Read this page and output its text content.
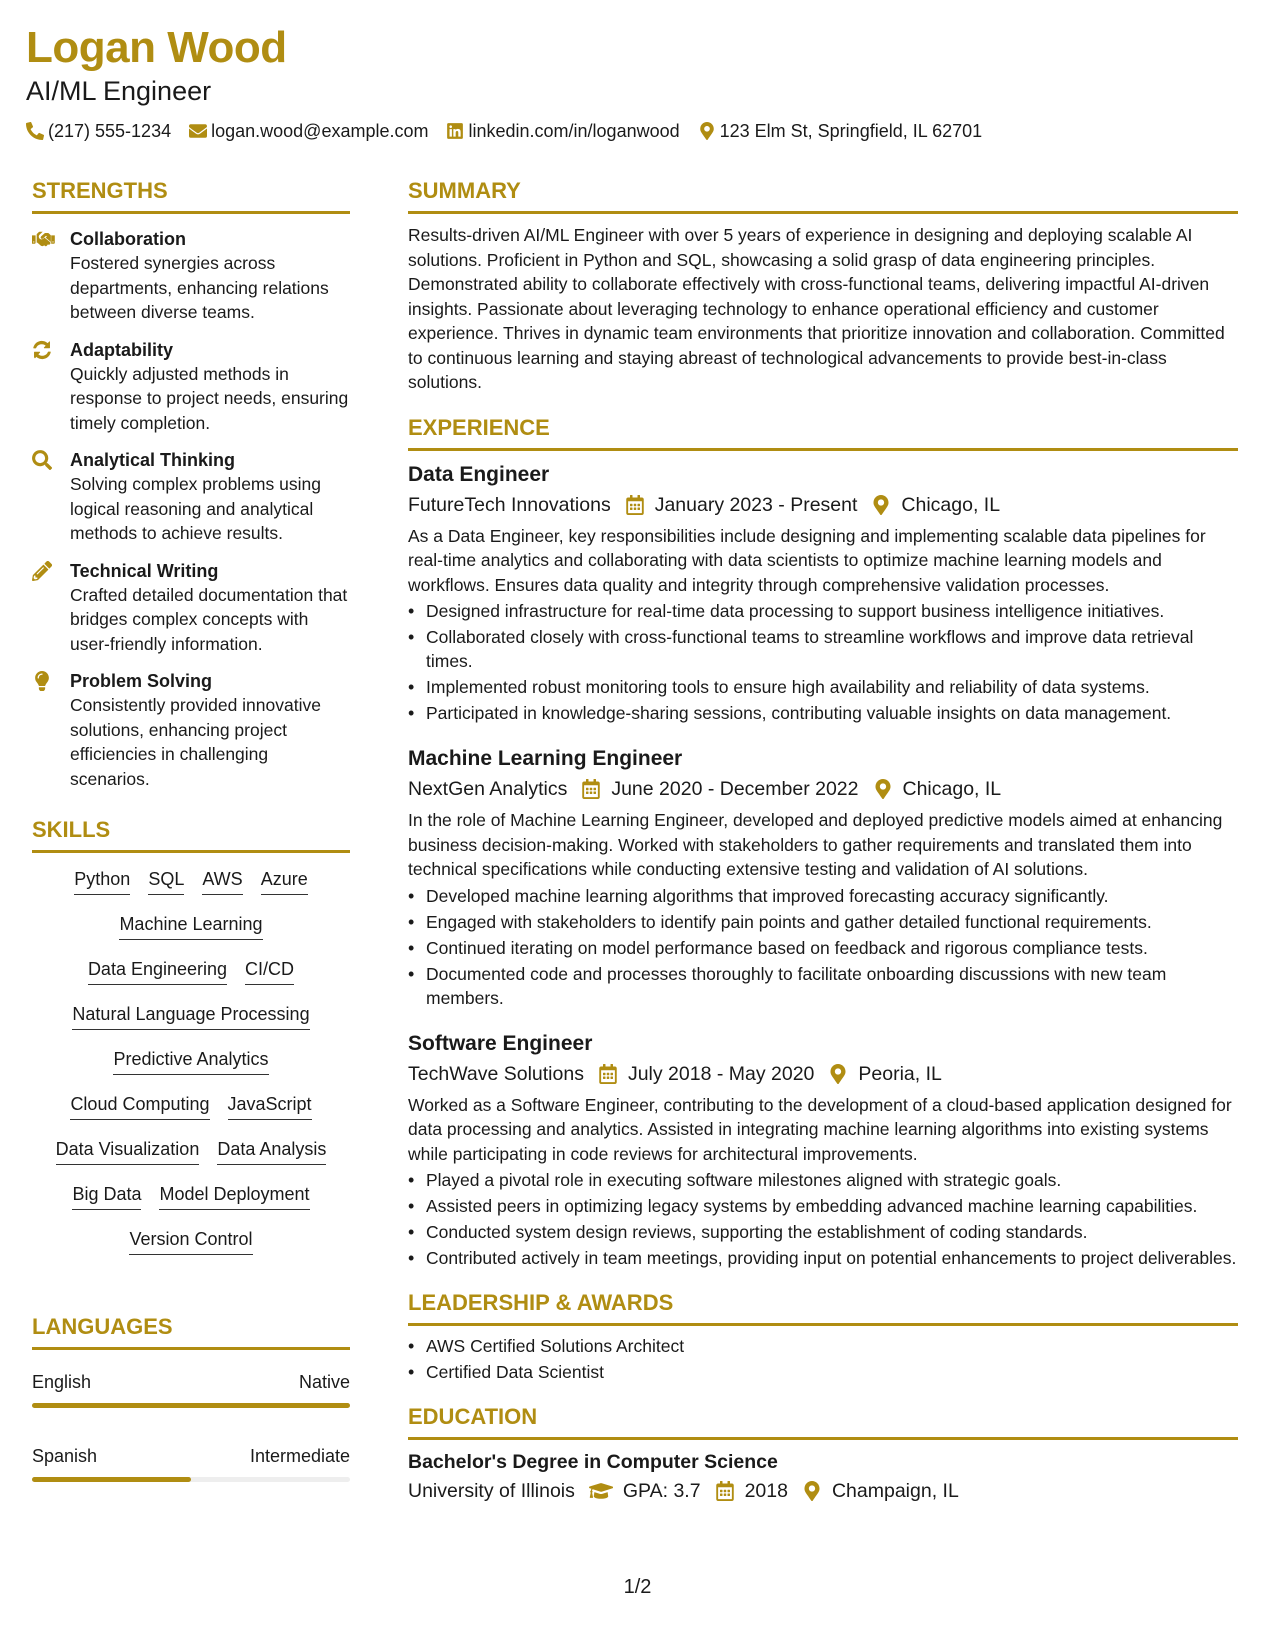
Logan Wood
AI/ML Engineer
(217) 555-1234 logan.wood@example.com linkedin.com/in/loganwood 123 Elm St, Springfield, IL 62701
STRENGTHS
Collaboration
Fostered synergies across departments, enhancing relations between diverse teams.
Adaptability
Quickly adjusted methods in response to project needs, ensuring timely completion.
Analytical Thinking
Solving complex problems using logical reasoning and analytical methods to achieve results.
Technical Writing
Crafted detailed documentation that bridges complex concepts with user-friendly information.
Problem Solving
Consistently provided innovative solutions, enhancing project efficiencies in challenging scenarios.
SKILLS
Python SQL AWS Azure
Machine Learning
Data Engineering CI/CD
Natural Language Processing
Predictive Analytics
Cloud Computing JavaScript
Data Visualization Data Analysis
Big Data Model Deployment
Version Control
LANGUAGES
English	Native
Spanish	Intermediate
SUMMARY
Results-driven AI/ML Engineer with over 5 years of experience in designing and deploying scalable AI solutions. Proficient in Python and SQL, showcasing a solid grasp of data engineering principles. Demonstrated ability to collaborate effectively with cross-functional teams, delivering impactful AI-driven insights. Passionate about leveraging technology to enhance operational efficiency and customer experience. Thrives in dynamic team environments that prioritize innovation and collaboration. Committed to continuous learning and staying abreast of technological advancements to provide best-in-class solutions.
EXPERIENCE
Data Engineer
FutureTech Innovations January 2023 - Present Chicago, IL
As a Data Engineer, key responsibilities include designing and implementing scalable data pipelines for real-time analytics and collaborating with data scientists to optimize machine learning models and workflows. Ensures data quality and integrity through comprehensive validation processes.
• Designed infrastructure for real-time data processing to support business intelligence initiatives.
• Collaborated closely with cross-functional teams to streamline workflows and improve data retrieval times.
• Implemented robust monitoring tools to ensure high availability and reliability of data systems.
• Participated in knowledge-sharing sessions, contributing valuable insights on data management.
Machine Learning Engineer
NextGen Analytics June 2020 - December 2022 Chicago, IL
In the role of Machine Learning Engineer, developed and deployed predictive models aimed at enhancing business decision-making. Worked with stakeholders to gather requirements and translated them into technical specifications while conducting extensive testing and validation of AI solutions.
• Developed machine learning algorithms that improved forecasting accuracy significantly.
• Engaged with stakeholders to identify pain points and gather detailed functional requirements.
• Continued iterating on model performance based on feedback and rigorous compliance tests.
• Documented code and processes thoroughly to facilitate onboarding discussions with new team members.
Software Engineer
TechWave Solutions July 2018 - May 2020 Peoria, IL
Worked as a Software Engineer, contributing to the development of a cloud-based application designed for data processing and analytics. Assisted in integrating machine learning algorithms into existing systems while participating in code reviews for architectural improvements.
• Played a pivotal role in executing software milestones aligned with strategic goals.
• Assisted peers in optimizing legacy systems by embedding advanced machine learning capabilities.
• Conducted system design reviews, supporting the establishment of coding standards.
• Contributed actively in team meetings, providing input on potential enhancements to project deliverables.
LEADERSHIP & AWARDS
• AWS Certified Solutions Architect
• Certified Data Scientist
EDUCATION
Bachelor's Degree in Computer Science
University of Illinois GPA: 3.7 2018 Champaign, IL
1/2
